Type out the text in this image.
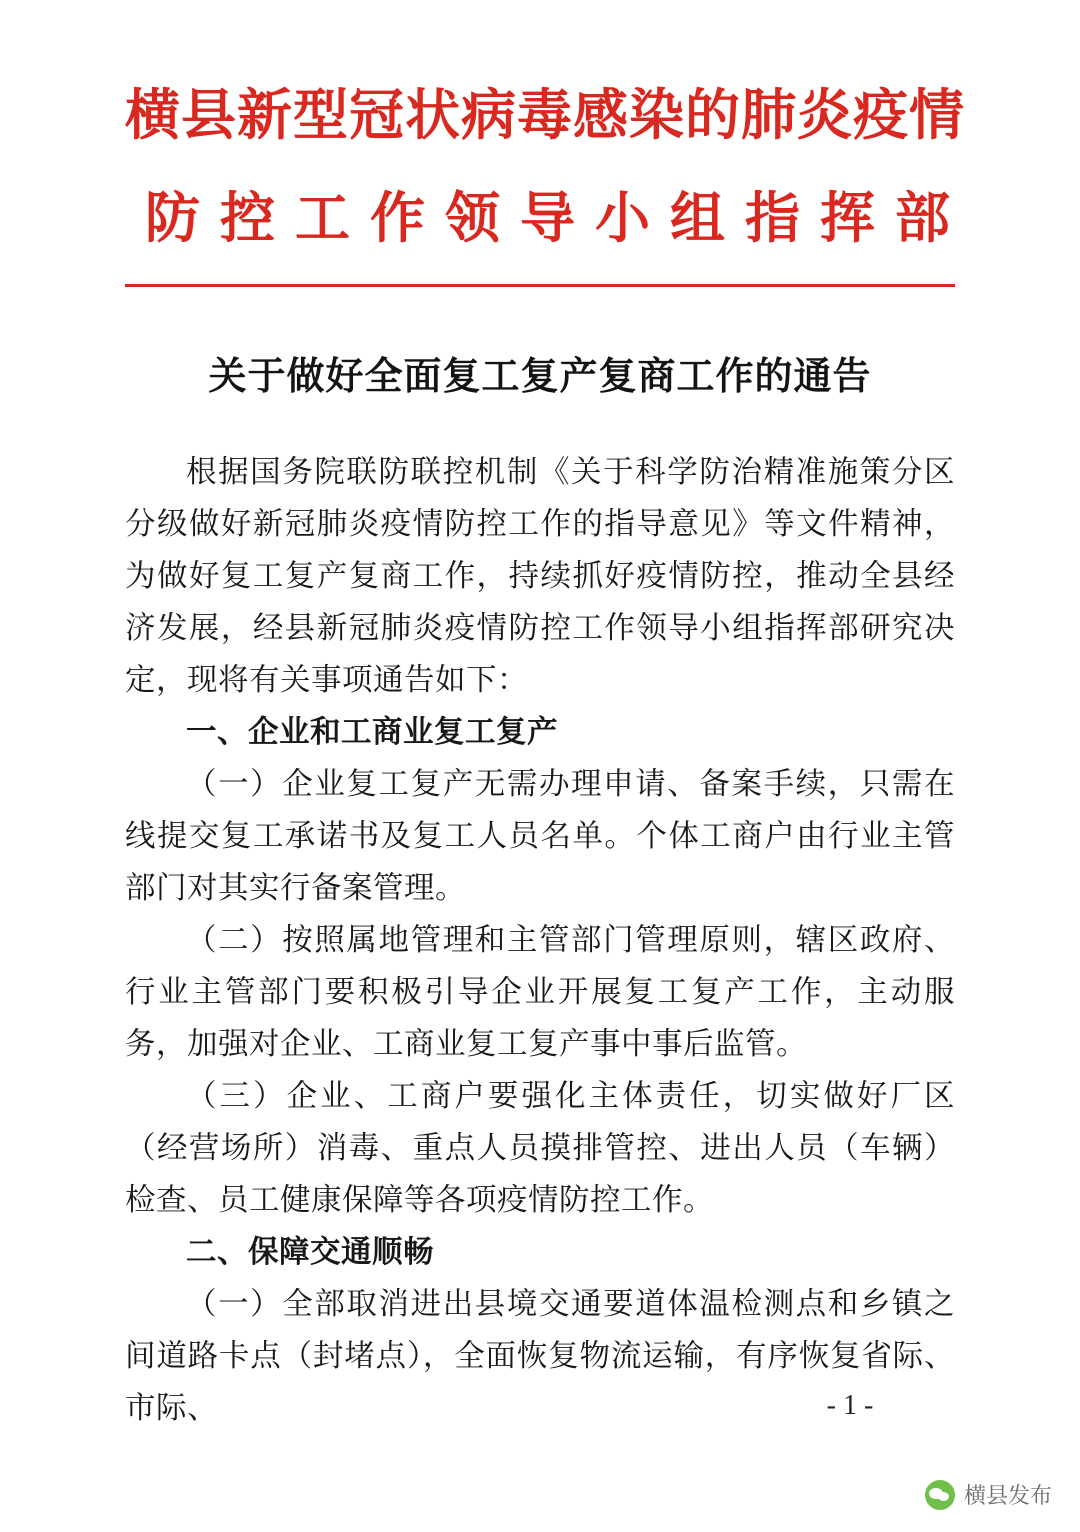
横县新型冠状病毒感染的肺炎疫情
防控工作领导小组指挥部
关于做好全面复工复产复商工作的通告

根据国务院联防联控机制《关于科学防治精准施策分区分级做好新冠肺炎疫情防控工作的指导意见》等文件精神，为做好复工复产复商工作，持续抓好疫情防控，推动全县经济发展，经县新冠肺炎疫情防控工作领导小组指挥部研究决定，现将有关事项通告如下：

一、企业和工商业复工复产

（一）企业复工复产无需办理申请、备案手续，只需在线提交复工承诺书及复工人员名单。个体工商户由行业主管部门对其实行备案管理。

（二）按照属地管理和主管部门管理原则，辖区政府、行业主管部门要积极引导企业开展复工复产工作，主动服务，加强对企业、工商业复工复产事中事后监管。

（三）企业、工商户要强化主体责任，切实做好厂区（经营场所）消毒、重点人员摸排管控、进出人员（车辆）检查、员工健康保障等各项疫情防控工作。

二、保障交通顺畅

（一）全部取消进出县境交通要道体温检测点和乡镇之间道路卡点（封堵点），全面恢复物流运输，有序恢复省际、市际、	- 1 -
横县发布
